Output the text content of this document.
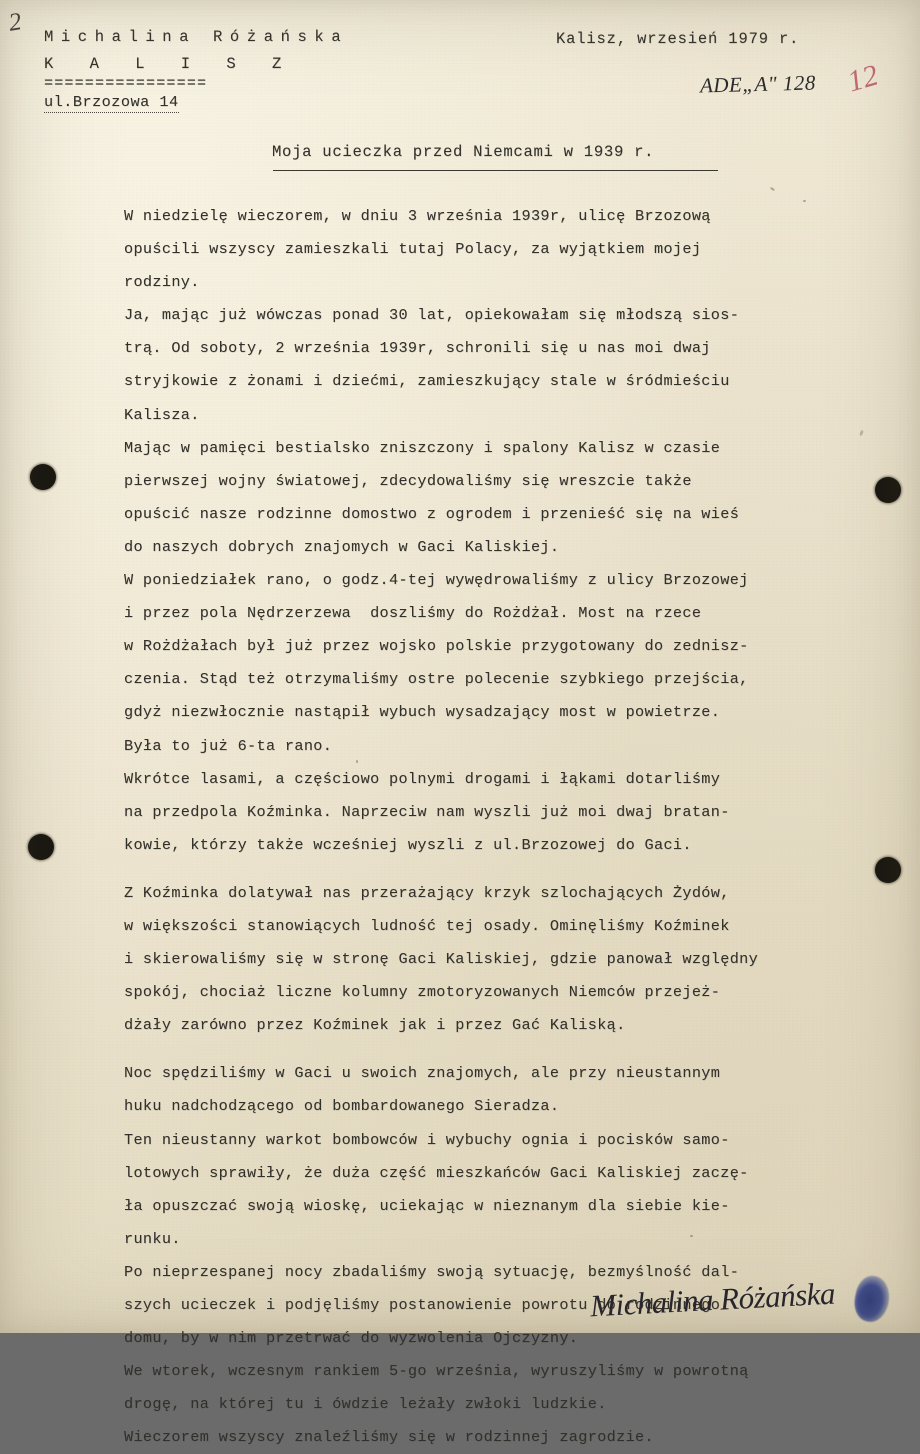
2
Michalina Różańska
K A L I S Z
================
ul.Brzozowa 14
Kalisz, wrzesień 1979 r.
ADE„A" 128 12
Moja ucieczka przed Niemcami w 1939 r.
W niedzielę wieczorem, w dniu 3 września 1939r, ulicę Brzozową
opuścili wszyscy zamieszkali tutaj Polacy, za wyjątkiem mojej
rodziny.
Ja, mając już wówczas ponad 30 lat, opiekowałam się młodszą sios-
trą. Od soboty, 2 września 1939r, schronili się u nas moi dwaj
stryjkowie z żonami i dziećmi, zamieszkujący stale w śródmieściu
Kalisza.
Mając w pamięci bestialsko zniszczony i spalony Kalisz w czasie
pierwszej wojny światowej, zdecydowaliśmy się wreszcie także
opuścić nasze rodzinne domostwo z ogrodem i przenieść się na wieś
do naszych dobrych znajomych w Gaci Kaliskiej.
W poniedziałek rano, o godz.4-tej wywędrowaliśmy z ulicy Brzozowej
i przez pola Nędrzerzewa  doszliśmy do Rożdżał. Most na rzece
w Rożdżałach był już przez wojsko polskie przygotowany do zednisz-
czenia. Stąd też otrzymaliśmy ostre polecenie szybkiego przejścia,
gdyż niezwłocznie nastąpił wybuch wysadzający most w powietrze.
Była to już 6-ta rano.
Wkrótce lasami, a częściowo polnymi drogami i łąkami dotarliśmy
na przedpola Koźminka. Naprzeciw nam wyszli już moi dwaj bratan-
kowie, którzy także wcześniej wyszli z ul.Brzozowej do Gaci.
Z Koźminka dolatywał nas przerażający krzyk szlochających Żydów,
w większości stanowiących ludność tej osady. Ominęliśmy Koźminek
i skierowaliśmy się w stronę Gaci Kaliskiej, gdzie panował względny
spokój, chociaż liczne kolumny zmotoryzowanych Niemców przejeż-
dżały zarówno przez Koźminek jak i przez Gać Kaliską.
Noc spędziliśmy w Gaci u swoich znajomych, ale przy nieustannym
huku nadchodzącego od bombardowanego Sieradza.
Ten nieustanny warkot bombowców i wybuchy ognia i pocisków samo-
lotowych sprawiły, że duża część mieszkańców Gaci Kaliskiej zaczę-
ła opuszczać swoją wioskę, uciekając w nieznanym dla siebie kie-
runku.
Po nieprzespanej nocy zbadaliśmy swoją sytuację, bezmyślność dal-
szych ucieczek i podjęliśmy postanowienie powrotu do rodzinnego
domu, by w nim przetrwać do wyzwolenia Ojczyzny.
We wtorek, wczesnym rankiem 5-go września, wyruszyliśmy w powrotną
drogę, na której tu i ówdzie leżały zwłoki ludzkie.
Wieczorem wszyscy znaleźliśmy się w rodzinnej zagrodzie.
Michalina Różańska
